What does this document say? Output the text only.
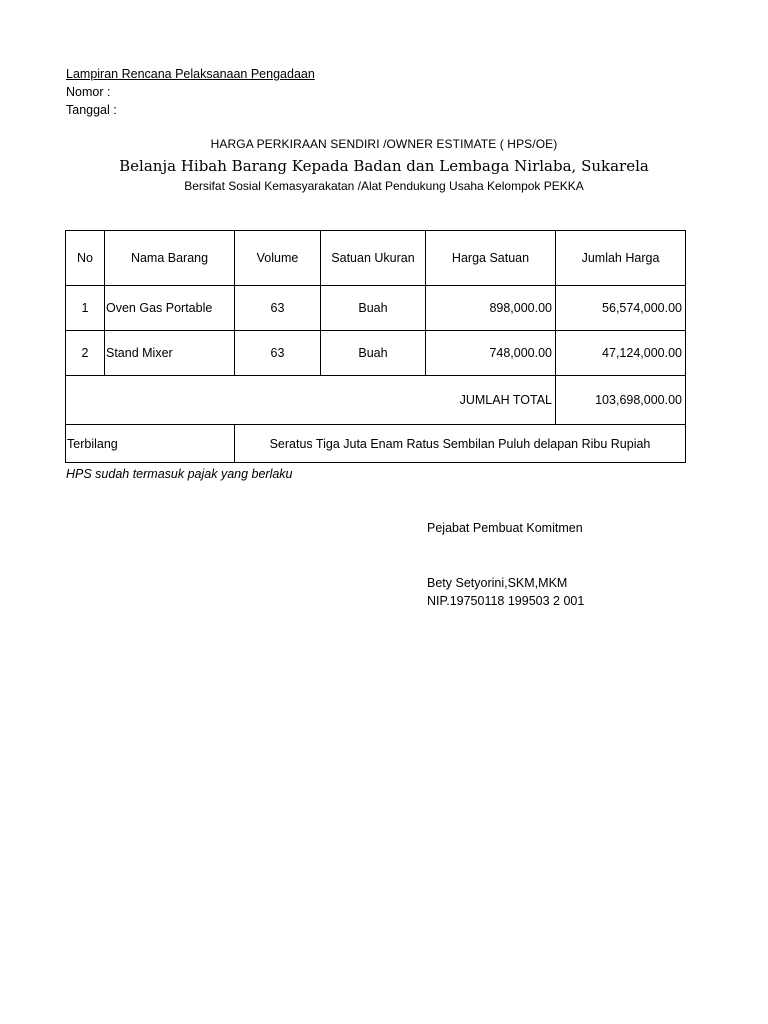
Lampiran Rencana Pelaksanaan Pengadaan
Nomor :
Tanggal :
HARGA PERKIRAAN SENDIRI /OWNER ESTIMATE ( HPS/OE)
Belanja Hibah Barang Kepada Badan dan Lembaga Nirlaba, Sukarela
Bersifat Sosial Kemasyarakatan /Alat Pendukung Usaha Kelompok PEKKA
No	Nama Barang	Volume	Satuan Ukuran	Harga Satuan	Jumlah Harga
1	Oven Gas Portable	63	Buah	898,000.00	56,574,000.00
2	Stand Mixer	63	Buah	748,000.00	47,124,000.00
JUMLAH TOTAL					103,698,000.00
Terbilang		Seratus Tiga Juta Enam Ratus Sembilan Puluh delapan Ribu Rupiah			
HPS sudah termasuk pajak yang berlaku
Pejabat Pembuat Komitmen
Bety Setyorini,SKM,MKM
NIP.19750118 199503 2 001
